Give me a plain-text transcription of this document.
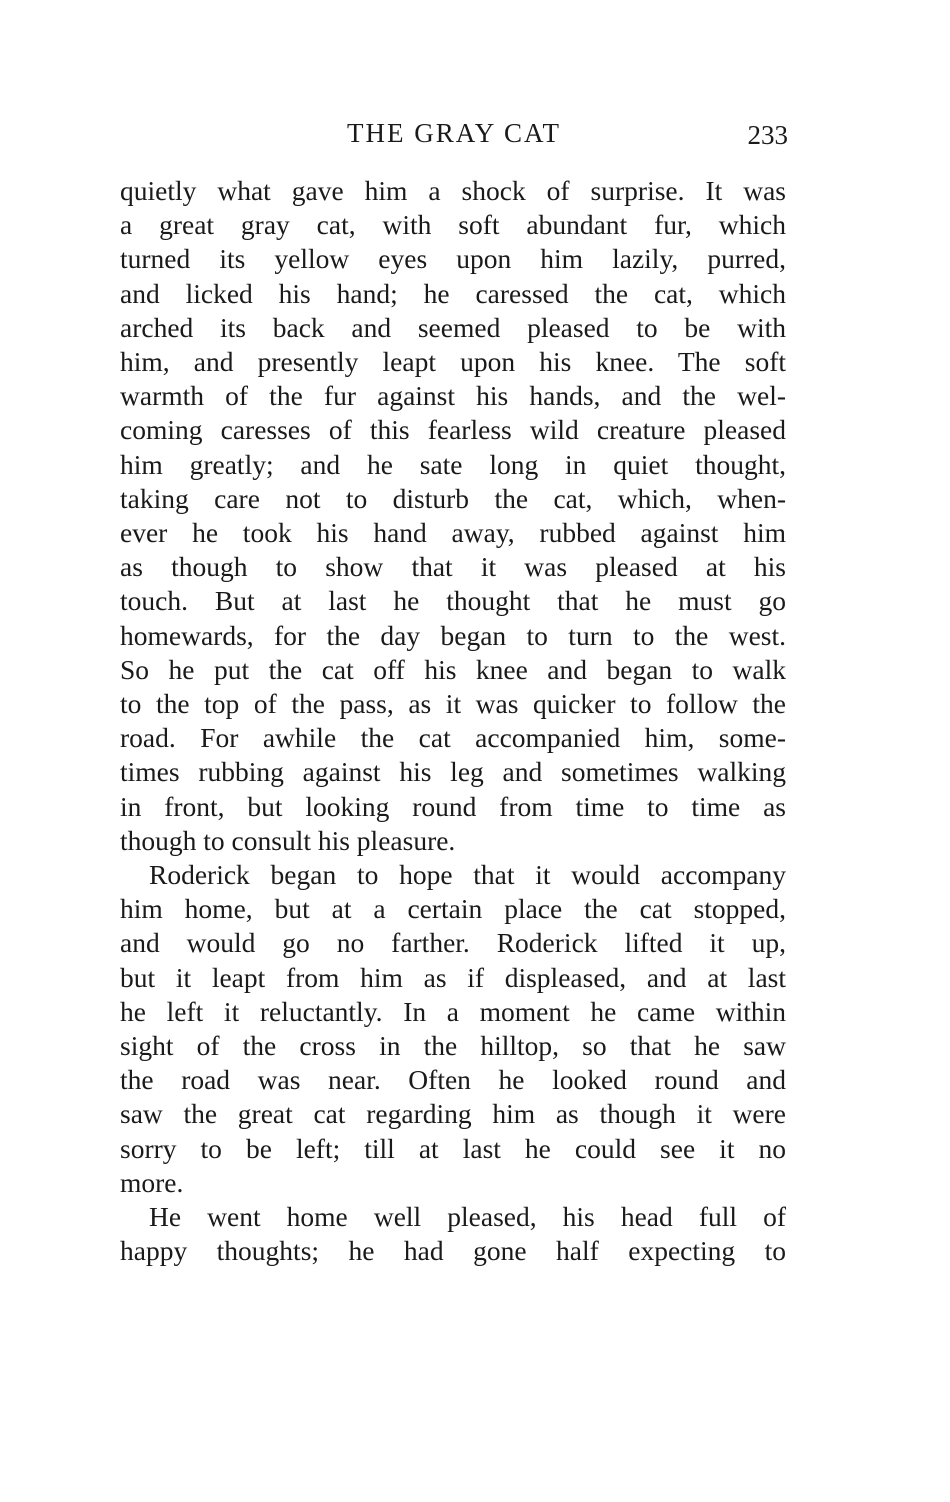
THE GRAY CAT	233
quietly what gave him a shock of surprise. It was
a great gray cat, with soft abundant fur, which
turned its yellow eyes upon him lazily, purred,
and licked his hand; he caressed the cat, which
arched its back and seemed pleased to be with
him, and presently leapt upon his knee. The soft
warmth of the fur against his hands, and the wel-
coming caresses of this fearless wild creature pleased
him greatly; and he sate long in quiet thought,
taking care not to disturb the cat, which, when-
ever he took his hand away, rubbed against him
as though to show that it was pleased at his
touch. But at last he thought that he must go
homewards, for the day began to turn to the west.
So he put the cat off his knee and began to walk
to the top of the pass, as it was quicker to follow the
road. For awhile the cat accompanied him, some-
times rubbing against his leg and sometimes walking
in front, but looking round from time to time as
though to consult his pleasure.
Roderick began to hope that it would accompany
him home, but at a certain place the cat stopped,
and would go no farther. Roderick lifted it up,
but it leapt from him as if displeased, and at last
he left it reluctantly. In a moment he came within
sight of the cross in the hilltop, so that he saw
the road was near. Often he looked round and
saw the great cat regarding him as though it were
sorry to be left; till at last he could see it no
more.
He went home well pleased, his head full of
happy thoughts; he had gone half expecting to
